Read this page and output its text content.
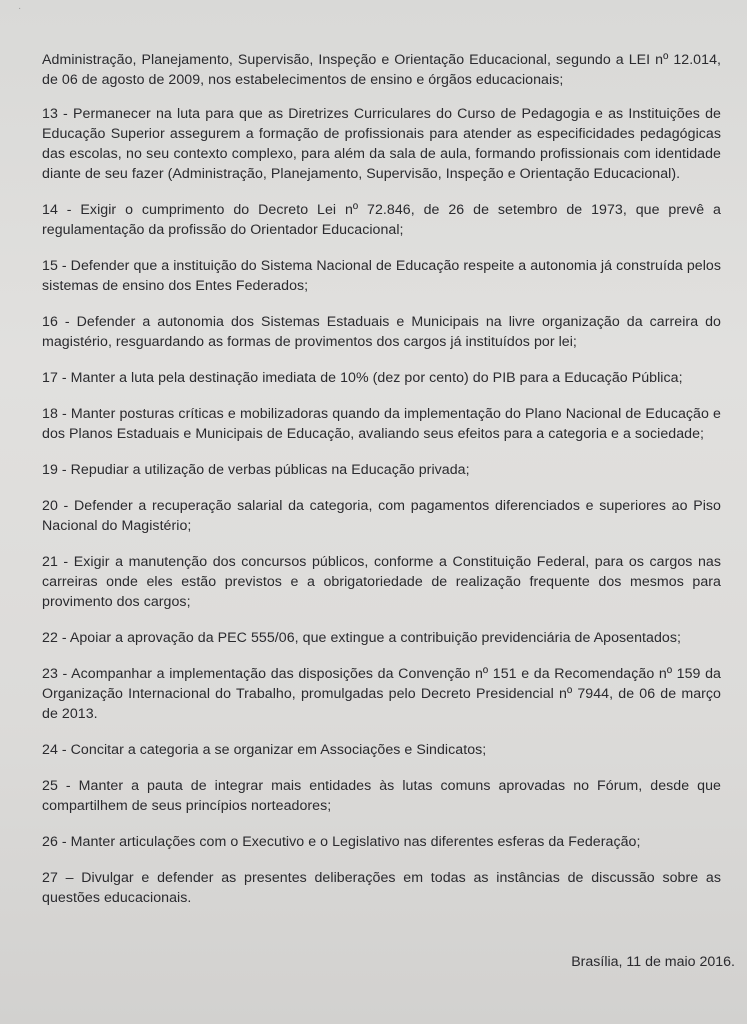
·

Administração, Planejamento, Supervisão, Inspeção e Orientação Educacional, segundo a LEI nº 12.014, de 06 de agosto de 2009, nos estabelecimentos de ensino e órgãos educacionais;

13 - Permanecer na luta para que as Diretrizes Curriculares do Curso de Pedagogia e as Instituições de Educação Superior assegurem a formação de profissionais para atender as especificidades pedagógicas das escolas, no seu contexto complexo, para além da sala de aula, formando profissionais com identidade diante de seu fazer (Administração, Planejamento, Supervisão, Inspeção e Orientação Educacional).

14 - Exigir o cumprimento do Decreto Lei nº 72.846, de 26 de setembro de 1973, que prevê a regulamentação da profissão do Orientador Educacional;

15 - Defender que a instituição do Sistema Nacional de Educação respeite a autonomia já construída pelos sistemas de ensino dos Entes Federados;

16 - Defender a autonomia dos Sistemas Estaduais e Municipais na livre organização da carreira do magistério, resguardando as formas de provimentos dos cargos já instituídos por lei;

17 - Manter a luta pela destinação imediata de 10% (dez por cento) do PIB para a Educação Pública;

18 - Manter posturas críticas e mobilizadoras quando da implementação do Plano Nacional de Educação e dos Planos Estaduais e Municipais de Educação, avaliando seus efeitos para a categoria e a sociedade;

19 - Repudiar a utilização de verbas públicas na Educação privada;

20 - Defender a recuperação salarial da categoria, com pagamentos diferenciados e superiores ao Piso Nacional do Magistério;

21 - Exigir a manutenção dos concursos públicos, conforme a Constituição Federal, para os cargos nas carreiras onde eles estão previstos e a obrigatoriedade de realização frequente dos mesmos para provimento dos cargos;

22 - Apoiar a aprovação da PEC 555/06, que extingue a contribuição previdenciária de Aposentados;

23 - Acompanhar a implementação das disposições da Convenção nº 151 e da Recomendação nº 159 da Organização Internacional do Trabalho, promulgadas pelo Decreto Presidencial nº 7944, de 06 de março de 2013.

24 - Concitar a categoria a se organizar em Associações e Sindicatos;

25 - Manter a pauta de integrar mais entidades às lutas comuns aprovadas no Fórum, desde que compartilhem de seus princípios norteadores;

26 - Manter articulações com o Executivo e o Legislativo nas diferentes esferas da Federação;

27 – Divulgar e defender as presentes deliberações em todas as instâncias de discussão sobre as questões educacionais.

Brasília, 11 de maio 2016.
